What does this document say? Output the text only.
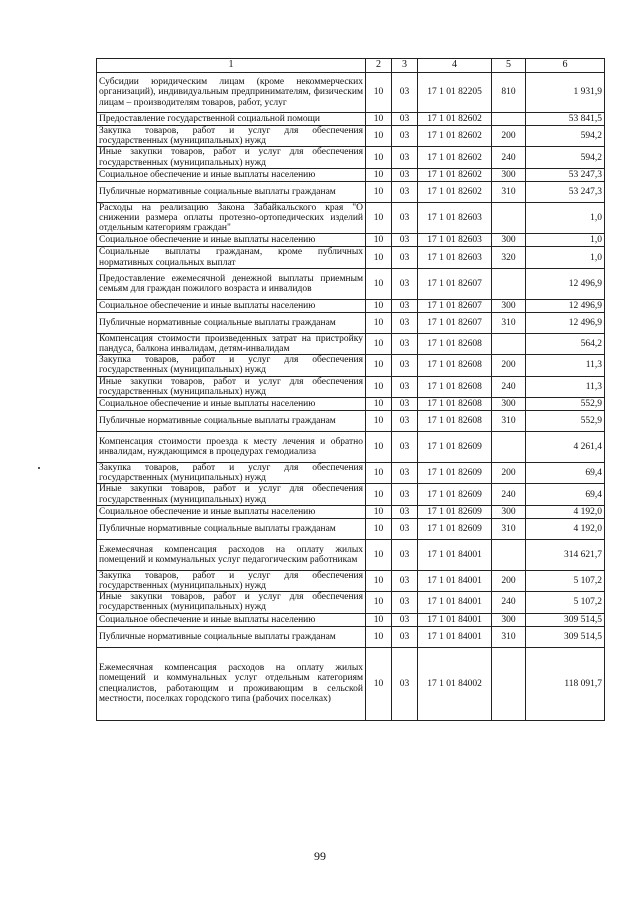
1	2	3	4	5	6
Субсидии юридическим лицам (кроме некоммерческих организаций), индивидуальным предпринимателям, физическим лицам – производителям товаров, работ, услуг	10	03	17 1 01 82205	810	1 931,9
Предоставление государственной социальной помощи	10	03	17 1 01 82602		53 841,5
Закупка товаров, работ и услуг для обеспечения государственных (муниципальных) нужд	10	03	17 1 01 82602	200	594,2
Иные закупки товаров, работ и услуг для обеспечения государственных (муниципальных) нужд	10	03	17 1 01 82602	240	594,2
Социальное обеспечение и иные выплаты населению	10	03	17 1 01 82602	300	53 247,3
Публичные нормативные социальные выплаты гражданам	10	03	17 1 01 82602	310	53 247,3
Расходы на реализацию Закона Забайкальского края "О снижении размера оплаты протезно-ортопедических изделий отдельным категориям граждан"	10	03	17 1 01 82603		1,0
Социальное обеспечение и иные выплаты населению	10	03	17 1 01 82603	300	1,0
Социальные выплаты гражданам, кроме публичных нормативных социальных выплат	10	03	17 1 01 82603	320	1,0
Предоставление ежемесячной денежной выплаты приемным семьям для граждан пожилого возраста и инвалидов	10	03	17 1 01 82607		12 496,9
Социальное обеспечение и иные выплаты населению	10	03	17 1 01 82607	300	12 496,9
Публичные нормативные социальные выплаты гражданам	10	03	17 1 01 82607	310	12 496,9
Компенсация стоимости произведенных затрат на пристройку пандуса, балкона инвалидам, детям-инвалидам	10	03	17 1 01 82608		564,2
Закупка товаров, работ и услуг для обеспечения государственных (муниципальных) нужд	10	03	17 1 01 82608	200	11,3
Иные закупки товаров, работ и услуг для обеспечения государственных (муниципальных) нужд	10	03	17 1 01 82608	240	11,3
Социальное обеспечение и иные выплаты населению	10	03	17 1 01 82608	300	552,9
Публичные нормативные социальные выплаты гражданам	10	03	17 1 01 82608	310	552,9
Компенсация стоимости проезда к месту лечения и обратно инвалидам, нуждающимся в процедурах гемодиализа	10	03	17 1 01 82609		4 261,4
Закупка товаров, работ и услуг для обеспечения государственных (муниципальных) нужд	10	03	17 1 01 82609	200	69,4
Иные закупки товаров, работ и услуг для обеспечения государственных (муниципальных) нужд	10	03	17 1 01 82609	240	69,4
Социальное обеспечение и иные выплаты населению	10	03	17 1 01 82609	300	4 192,0
Публичные нормативные социальные выплаты гражданам	10	03	17 1 01 82609	310	4 192,0
Ежемесячная компенсация расходов на оплату жилых помещений и коммунальных услуг педагогическим работникам	10	03	17 1 01 84001		314 621,7
Закупка товаров, работ и услуг для обеспечения государственных (муниципальных) нужд	10	03	17 1 01 84001	200	5 107,2
Иные закупки товаров, работ и услуг для обеспечения государственных (муниципальных) нужд	10	03	17 1 01 84001	240	5 107,2
Социальное обеспечение и иные выплаты населению	10	03	17 1 01 84001	300	309 514,5
Публичные нормативные социальные выплаты гражданам	10	03	17 1 01 84001	310	309 514,5
Ежемесячная компенсация расходов на оплату жилых помещений и коммунальных услуг отдельным категориям специалистов, работающим и проживающим в сельской местности, поселках городского типа (рабочих поселках)	10	03	17 1 01 84002		118 091,7
99
